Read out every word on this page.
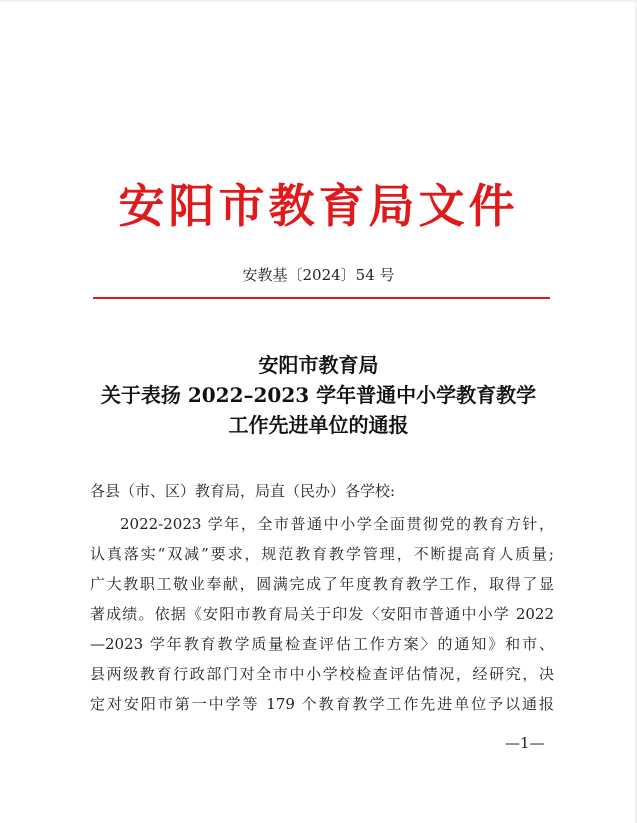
安阳市教育局文件
安教基〔2024〕54 号
安阳市教育局
关于表扬 2022–2023 学年普通中小学教育教学
工作先进单位的通报
各县（市、区）教育局，局直（民办）各学校:
2022-2023 学年，全市普通中小学全面贯彻党的教育方针，
认真落实“双减”要求，规范教育教学管理，不断提高育人质量;
广大教职工敬业奉献，圆满完成了年度教育教学工作，取得了显
著成绩。依据《安阳市教育局关于印发〈安阳市普通中小学 2022
—2023 学年教育教学质量检查评估工作方案〉的通知》和市、
县两级教育行政部门对全市中小学校检查评估情况，经研究，决
定对安阳市第一中学等 179 个教育教学工作先进单位予以通报
—1—
